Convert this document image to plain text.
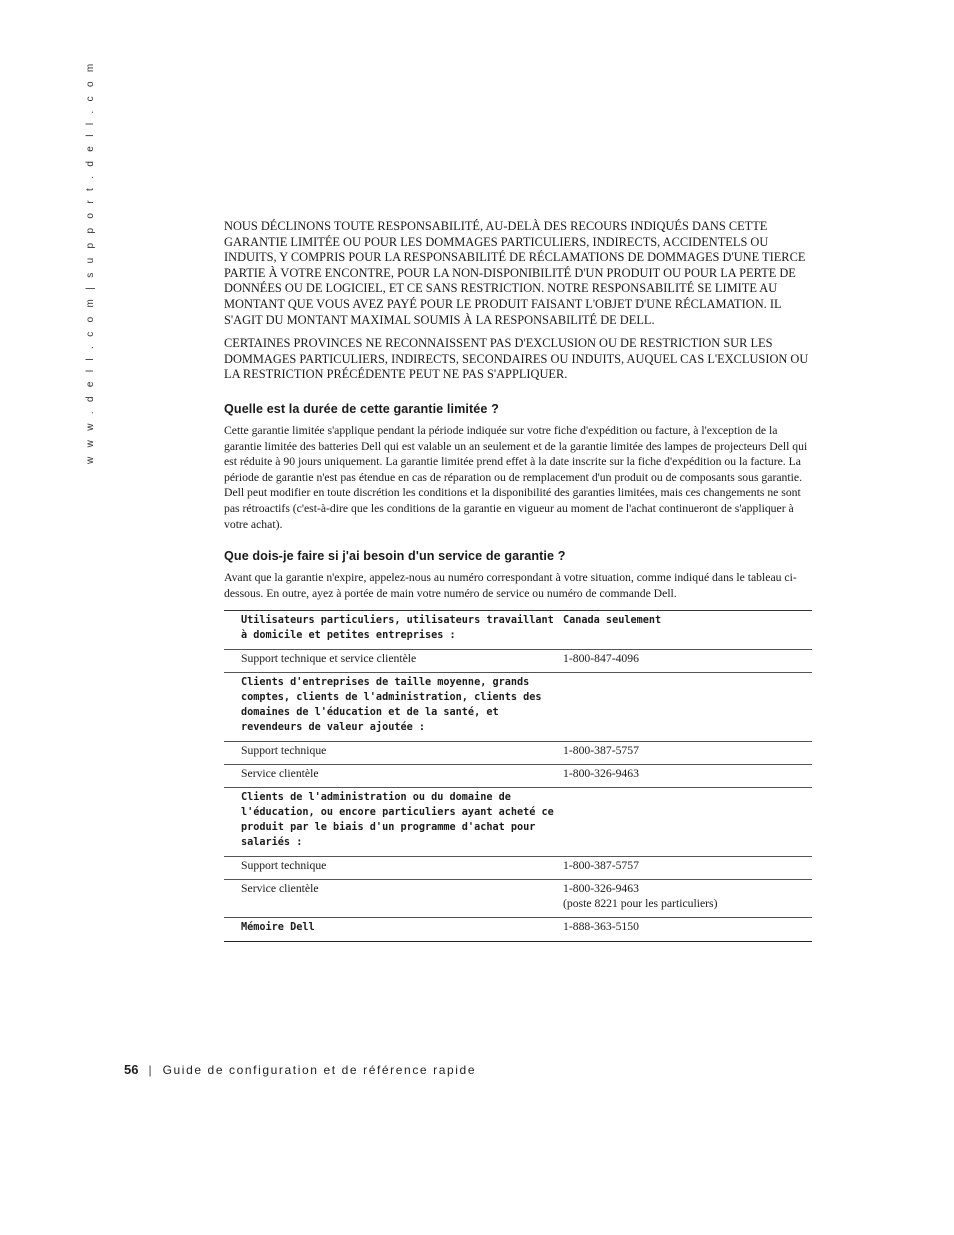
w w w . d e l l . c o m | s u p p o r t . d e l l . c o m	NOUS DÉCLINONS TOUTE RESPONSABILITÉ, AU-DELÀ DES RECOURS INDIQUÉS DANS CETTE GARANTIE LIMITÉE OU POUR LES DOMMAGES PARTICULIERS, INDIRECTS, ACCIDENTELS OU INDUITS, Y COMPRIS POUR LA RESPONSABILITÉ DE RÉCLAMATIONS DE DOMMAGES D'UNE TIERCE PARTIE À VOTRE ENCONTRE, POUR LA NON-DISPONIBILITÉ D'UN PRODUIT OU POUR LA PERTE DE DONNÉES OU DE LOGICIEL, ET CE SANS RESTRICTION. NOTRE RESPONSABILITÉ SE LIMITE AU MONTANT QUE VOUS AVEZ PAYÉ POUR LE PRODUIT FAISANT L'OBJET D'UNE RÉCLAMATION. IL S'AGIT DU MONTANT MAXIMAL SOUMIS À LA RESPONSABILITÉ DE DELL.

CERTAINES PROVINCES NE RECONNAISSENT PAS D'EXCLUSION OU DE RESTRICTION SUR LES DOMMAGES PARTICULIERS, INDIRECTS, SECONDAIRES OU INDUITS, AUQUEL CAS L'EXCLUSION OU LA RESTRICTION PRÉCÉDENTE PEUT NE PAS S'APPLIQUER.

Quelle est la durée de cette garantie limitée ?

Cette garantie limitée s'applique pendant la période indiquée sur votre fiche d'expédition ou facture, à l'exception de la garantie limitée des batteries Dell qui est valable un an seulement et de la garantie limitée des lampes de projecteurs Dell qui est réduite à 90 jours uniquement. La garantie limitée prend effet à la date inscrite sur la fiche d'expédition ou la facture. La période de garantie n'est pas étendue en cas de réparation ou de remplacement d'un produit ou de composants sous garantie. Dell peut modifier en toute discrétion les conditions et la disponibilité des garanties limitées, mais ces changements ne sont pas rétroactifs (c'est-à-dire que les conditions de la garantie en vigueur au moment de l'achat continueront de s'appliquer à votre achat).

Que dois-je faire si j'ai besoin d'un service de garantie ?

Avant que la garantie n'expire, appelez-nous au numéro correspondant à votre situation, comme indiqué dans le tableau ci-dessous. En outre, ayez à portée de main votre numéro de service ou numéro de commande Dell.

Utilisateurs particuliers, utilisateurs travaillant à domicile et petites entreprises :	Canada seulement

Support technique et service clientèle	1-800-847-4096

Clients d'entreprises de taille moyenne, grands comptes, clients de l'administration, clients des domaines de l'éducation et de la santé, et revendeurs de valeur ajoutée :	

Support technique	1-800-387-5757

Service clientèle	1-800-326-9463

Clients de l'administration ou du domaine de l'éducation, ou encore particuliers ayant acheté ce produit par le biais d'un programme d'achat pour salariés :	

Support technique	1-800-387-5757

Service clientèle	1-800-326-9463
(poste 8221 pour les particuliers)

Mémoire Dell	1-888-363-5150
56 | Guide de configuration et de référence rapide
